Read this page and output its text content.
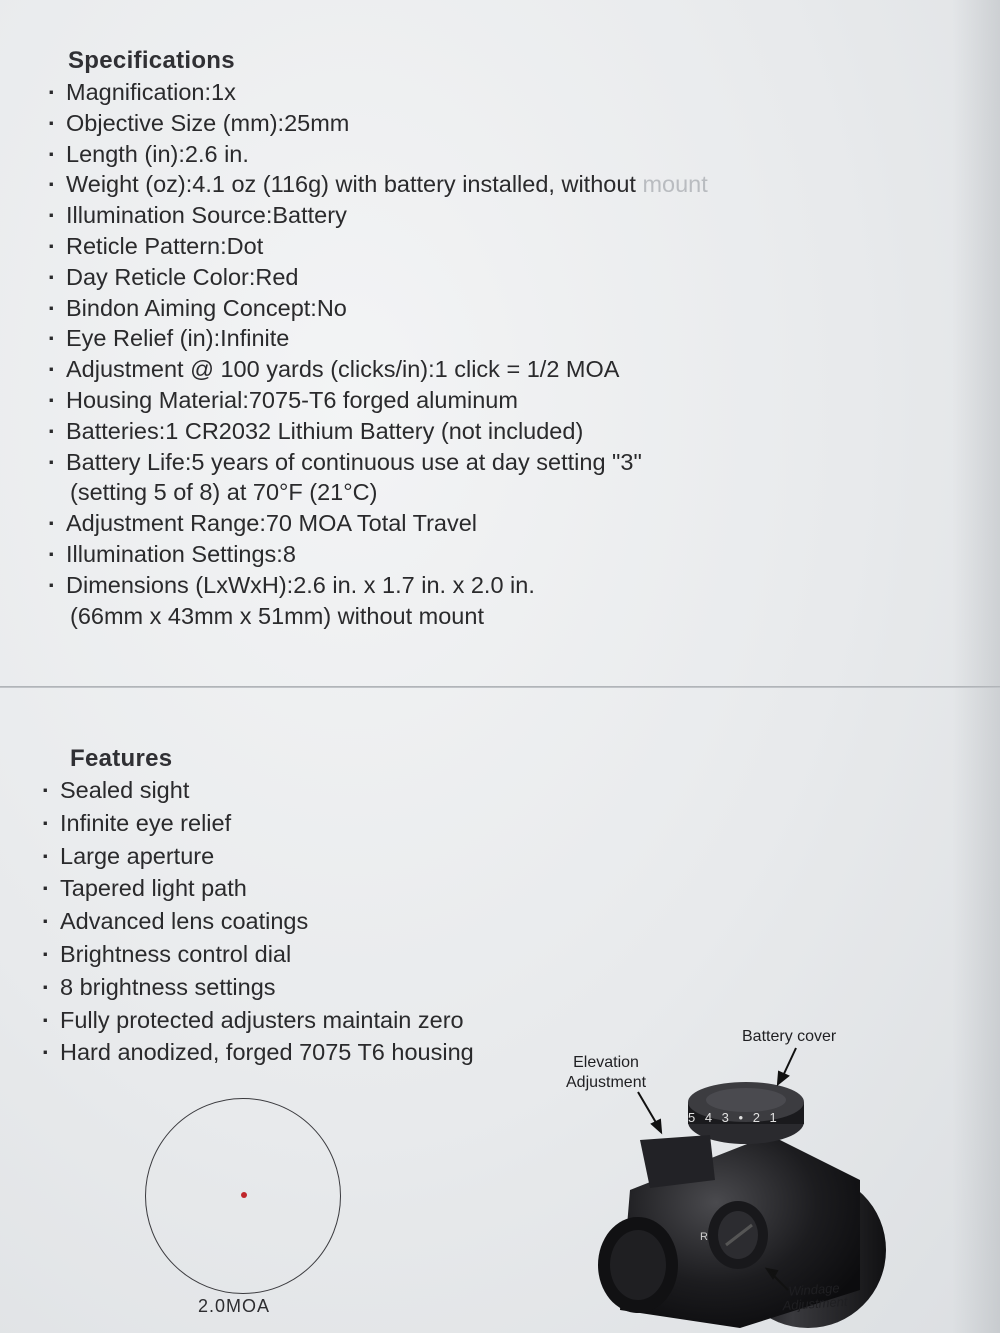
Specifications
· Magnification:1x
· Objective Size (mm):25mm
· Length (in):2.6 in.
· Weight (oz):4.1 oz (116g) with battery installed, without mount
· Illumination Source:Battery
· Reticle Pattern:Dot
· Day Reticle Color:Red
· Bindon Aiming Concept:No
· Eye Relief (in):Infinite
· Adjustment @ 100 yards (clicks/in):1 click = 1/2 MOA
· Housing Material:7075-T6 forged aluminum
· Batteries:1 CR2032 Lithium Battery (not included)
· Battery Life:5 years of continuous use at day setting "3"
(setting 5 of 8) at 70°F (21°C)
· Adjustment Range:70 MOA Total Travel
· Illumination Settings:8
· Dimensions (LxWxH):2.6 in. x 1.7 in. x 2.0 in.
(66mm x 43mm x 51mm) without mount
Features
· Sealed sight
· Infinite eye relief
· Large aperture
· Tapered light path
· Advanced lens coatings
· Brightness control dial
· 8 brightness settings
· Fully protected adjusters maintain zero
· Hard anodized, forged 7075 T6 housing
2.0MOA
5 4 3 • 2 1
R
Battery cover
Elevation
Adjustment
Windage
Adjustment
